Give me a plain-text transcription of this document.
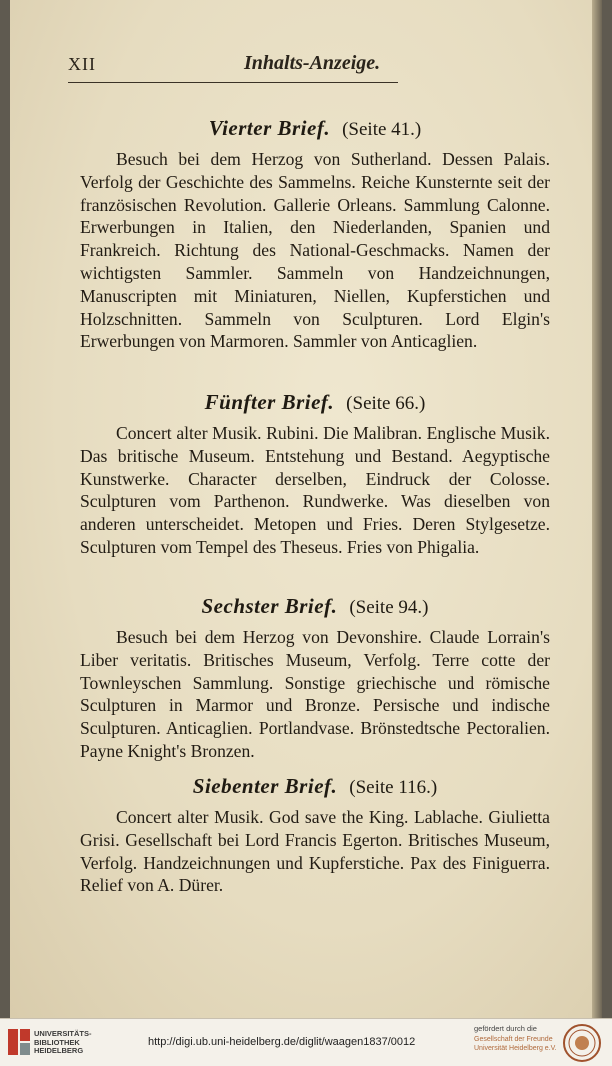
XII	Inhalts-Anzeige.
Vierter Brief. (Seite 41.)

Besuch bei dem Herzog von Sutherland. Dessen Palais. Verfolg der Geschichte des Sammelns. Reiche Kunsternte seit der französischen Revolution. Gallerie Orleans. Sammlung Calonne. Erwerbungen in Italien, den Niederlanden, Spanien und Frankreich. Richtung des National-Geschmacks. Namen der wichtigsten Sammler. Sammeln von Handzeichnungen, Manuscripten mit Miniaturen, Niellen, Kupferstichen und Holzschnitten. Sammeln von Sculpturen. Lord Elgin's Erwerbungen von Marmoren. Sammler von Anticaglien.

Fünfter Brief. (Seite 66.)

Concert alter Musik. Rubini. Die Malibran. Englische Musik. Das britische Museum. Entstehung und Bestand. Aegyptische Kunstwerke. Character derselben, Eindruck der Colosse. Sculpturen vom Parthenon. Rundwerke. Was dieselben von anderen unterscheidet. Metopen und Fries. Deren Stylgesetze. Sculpturen vom Tempel des Theseus. Fries von Phigalia.

Sechster Brief. (Seite 94.)

Besuch bei dem Herzog von Devonshire. Claude Lorrain's Liber veritatis. Britisches Museum, Verfolg. Terre cotte der Townleyschen Sammlung. Sonstige griechische und römische Sculpturen in Marmor und Bronze. Persische und indische Sculpturen. Anticaglien. Portlandvase. Brönstedtsche Pectoralien. Payne Knight's Bronzen.

Siebenter Brief. (Seite 116.)

Concert alter Musik. God save the King. Lablache. Giulietta Grisi. Gesellschaft bei Lord Francis Egerton. Britisches Museum, Verfolg. Handzeichnungen und Kupferstiche. Pax des Finiguerra. Relief von A. Dürer.

UNIVERSITÄTS-
BIBLIOTHEK
HEIDELBERG
http://digi.ub.uni-heidelberg.de/diglit/waagen1837/0012
gefördert durch die
Gesellschaft der Freunde
Universität Heidelberg e.V.
